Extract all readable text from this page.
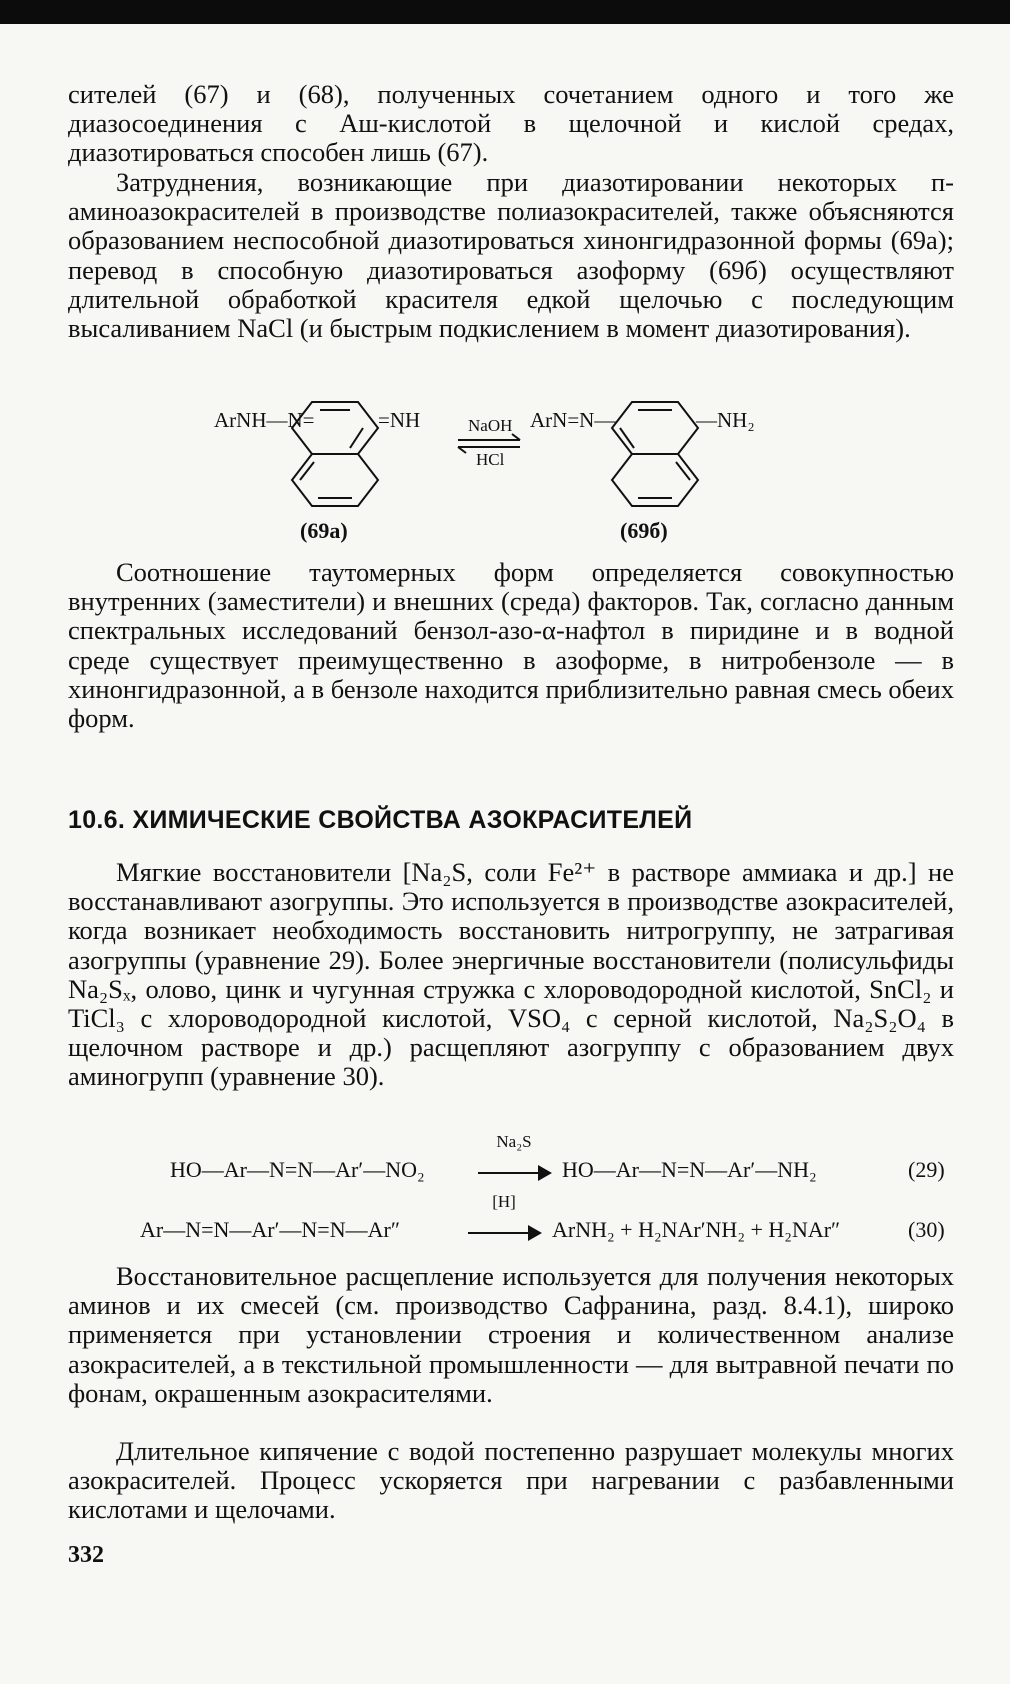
сителей (67) и (68), полученных сочетанием одного и того же диазосоединения с Аш-кислотой в щелочной и кислой средах, диазотироваться способен лишь (67).

Затруднения, возникающие при диазотировании некоторых п-аминоазокрасителей в производстве полиазокрасителей, также объясняются образованием неспособной диазотироваться хинонгидразонной формы (69а); перевод в способную диазотироваться азоформу (69б) осуществляют длительной обработкой красителя едкой щелочью с последующим высаливанием NaCl (и быстрым подкислением в момент диазотирования).

ArNH—N=	=NH	NaOH
HCl
ArN=N—	—NH₂
(69а)	(69б)

Соотношение таутомерных форм определяется совокупностью внутренних (заместители) и внешних (среда) факторов. Так, согласно данным спектральных исследований бензол-азо-α-нафтол в пиридине и в водной среде существует преимущественно в азоформе, в нитробензоле — в хинонгидразонной, а в бензоле находится приблизительно равная смесь обеих форм.

10.6. ХИМИЧЕСКИЕ СВОЙСТВА АЗОКРАСИТЕЛЕЙ

Мягкие восстановители [Na₂S, соли Fe²⁺ в растворе аммиака и др.] не восстанавливают азогруппы. Это используется в производстве азокрасителей, когда возникает необходимость восстановить нитрогруппу, не затрагивая азогруппы (уравнение 29). Более энергичные восстановители (полисульфиды Na₂Sₓ, олово, цинк и чугунная стружка с хлороводородной кислотой, SnCl₂ и TiCl₃ с хлороводородной кислотой, VSO₄ с серной кислотой, Na₂S₂O₄ в щелочном растворе и др.) расщепляют азогруппу с образованием двух аминогрупп (уравнение 30).

HO—Ar—N=N—Ar′—NO₂
Na₂S
HO—Ar—N=N—Ar′—NH₂	(29)
Ar—N=N—Ar′—N=N—Ar″
[H]
ArNH₂ + H₂NAr′NH₂ + H₂NAr″	(30)

Восстановительное расщепление используется для получения некоторых аминов и их смесей (см. производство Сафранина, разд. 8.4.1), широко применяется при установлении строения и количественном анализе азокрасителей, а в текстильной промышленности — для вытравной печати по фонам, окрашенным азокрасителями.

Длительное кипячение с водой постепенно разрушает молекулы многих азокрасителей. Процесс ускоряется при нагревании с разбавленными кислотами и щелочами.

332
